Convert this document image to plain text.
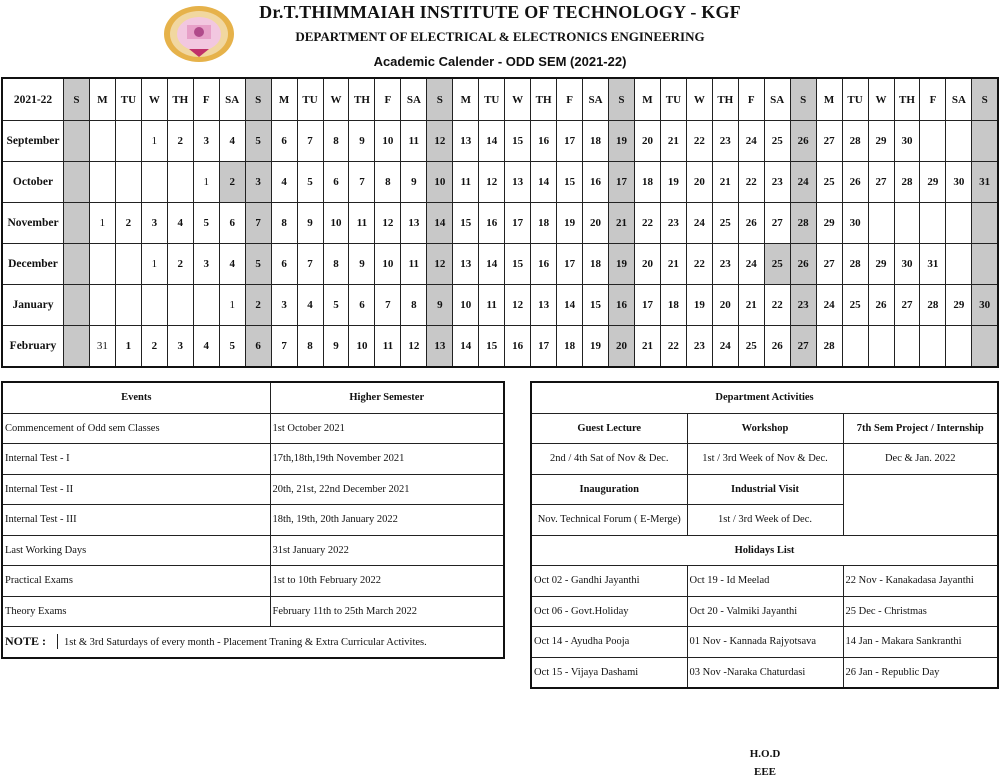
Dr.T.THIMMAIAH INSTITUTE OF TECHNOLOGY - KGF
DEPARTMENT OF ELECTRICAL & ELECTRONICS ENGINEERING
Academic Calender - ODD SEM (2021-22)
2021-22	S	M	TU	W	TH	F	SA	S	M	TU	W	TH	F	SA	S	M	TU	W	TH	F	SA	S	M	TU	W	TH	F	SA	S	M	TU	W	TH	F	SA	S
September				1	2	3	4	5	6	7	8	9	10	11	12	13	14	15	16	17	18	19	20	21	22	23	24	25	26	27	28	29	30			
October						1	2	3	4	5	6	7	8	9	10	11	12	13	14	15	16	17	18	19	20	21	22	23	24	25	26	27	28	29	30	31
November		1	2	3	4	5	6	7	8	9	10	11	12	13	14	15	16	17	18	19	20	21	22	23	24	25	26	27	28	29	30					
December				1	2	3	4	5	6	7	8	9	10	11	12	13	14	15	16	17	18	19	20	21	22	23	24	25	26	27	28	29	30	31		
January							1	2	3	4	5	6	7	8	9	10	11	12	13	14	15	16	17	18	19	20	21	22	23	24	25	26	27	28	29	30
February		31	1	2	3	4	5	6	7	8	9	10	11	12	13	14	15	16	17	18	19	20	21	22	23	24	25	26	27	28						
Events	Higher Semester
Commencement of Odd sem Classes	1st October 2021
Internal Test - I	17th,18th,19th November 2021
Internal Test - II	20th, 21st, 22nd December 2021
Internal Test - III	18th, 19th, 20th January 2022
Last Working Days	31st January 2022
Practical Exams	1st to 10th February 2022
Theory Exams	February 11th to 25th March 2022
NOTE : 1st & 3rd Saturdays of every month - Placement Traning & Extra Curricular Activites.	
Department Activities		
Guest Lecture	Workshop	7th Sem Project / Internship
2nd / 4th Sat of Nov & Dec.	1st / 3rd Week of Nov & Dec.	Dec & Jan. 2022
Inauguration	Industrial Visit	
Nov. Technical Forum ( E-Merge)	1st / 3rd Week of Dec.	
Holidays List		
Oct 02 - Gandhi Jayanthi	Oct 19 - Id Meelad	22 Nov - Kanakadasa Jayanthi
Oct 06 - Govt.Holiday	Oct 20 - Valmiki Jayanthi	25 Dec - Christmas
Oct 14 - Ayudha Pooja	01 Nov - Kannada Rajyotsava	14 Jan - Makara Sankranthi
Oct 15 - Vijaya Dashami	03 Nov -Naraka Chaturdasi	26 Jan - Republic Day
H.O.D
EEE
